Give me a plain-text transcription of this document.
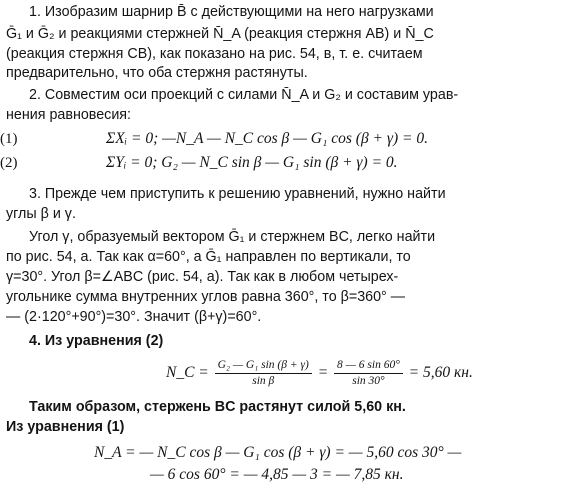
1. Изобразим шарнир B̄ с действующими на него нагрузками
Ḡ₁ и Ḡ₂ и реакциями стержней N̄_A (реакция стержня AB) и N̄_C
(реакция стержня CB), как показано на рис. 54, в, т. е. считаем
предварительно, что оба стержня растянуты.
2. Совместим оси проекций с силами N̄_A и G₂ и составим урав-
нения равновесия:
ΣXᵢ = 0; —N_A — N_C cos β — G₁ cos (β + γ) = 0.
(1)
ΣYᵢ = 0; G₂ — N_C sin β — G₁ sin (β + γ) = 0.
(2)
3. Прежде чем приступить к решению уравнений, нужно найти
углы β и γ.
Угол γ, образуемый вектором Ḡ₁ и стержнем BC, легко найти
по рис. 54, а. Так как α=60°, а Ḡ₁ направлен по вертикали, то
γ=30°. Угол β=∠ABC (рис. 54, а). Так как в любом четырех-
угольнике сумма внутренних углов равна 360°, то β=360° —
— (2·120°+90°)=30°. Значит (β+γ)=60°.
4. Из уравнения (2)
N_C = $\frac{\text{G₂ — G₁ sin (β + γ)}}{\text{sin β}} = \frac{8 — 6 \sin 60^\circ}{\sin 30^\circ} = 5,60$ кн.
Таким образом, стержень BC растянут силой 5,60 кн.
Из уравнения (1)
N_A = — N_C cos β — G₁ cos (β + γ) = — 5,60 cos 30° —
— 6 cos 60° = — 4,85 — 3 = — 7,85 кн.
